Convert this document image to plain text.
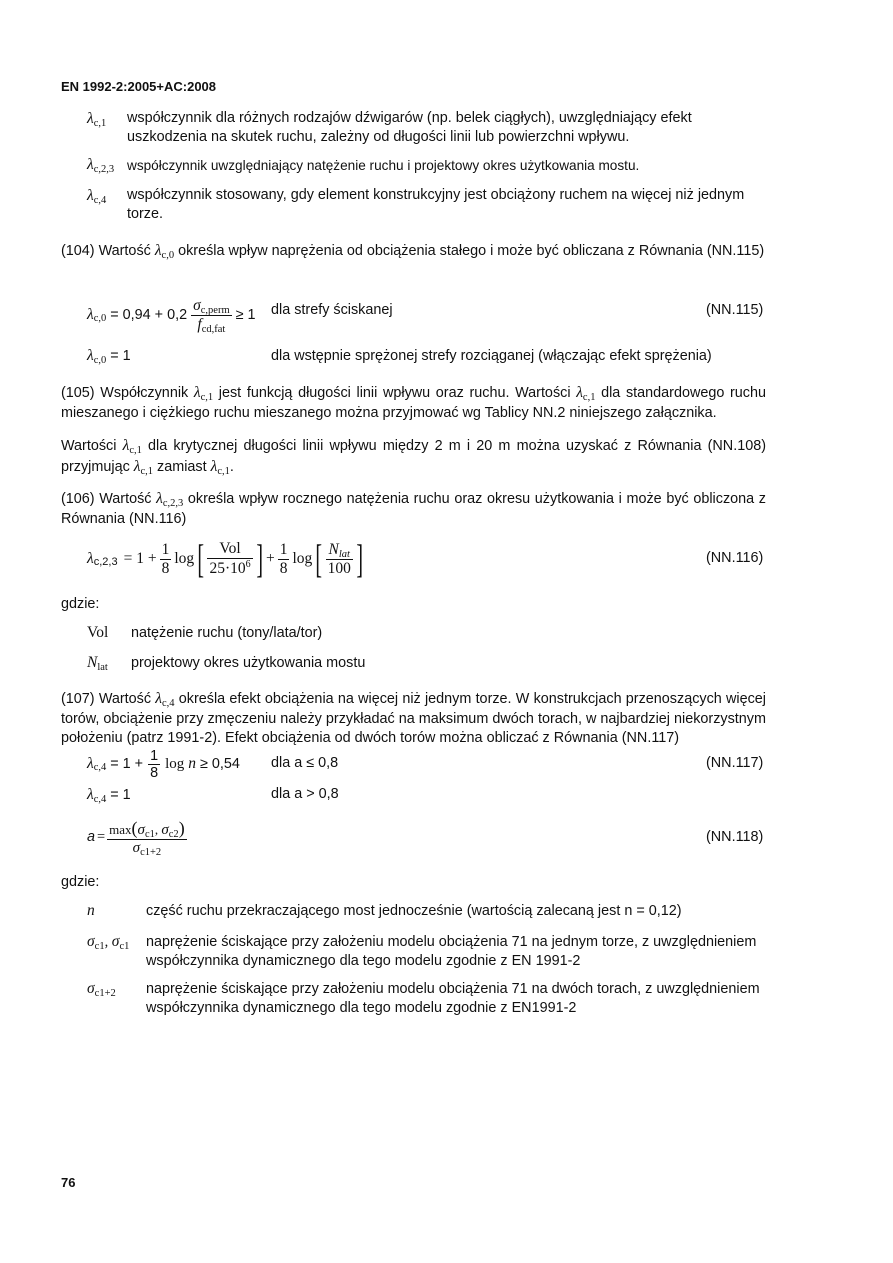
EN 1992-2:2005+AC:2008
$\lambda_{c,1}$ współczynnik dla różnych rodzajów dźwigarów (np. belek ciągłych), uwzględniający efekt uszkodzenia na skutek ruchu, zależny od długości linii lub powierzchni wpływu.
$\lambda_{c,2,3}$ współczynnik uwzględniający natężenie ruchu i projektowy okres użytkowania mostu.
$\lambda_{c,4}$ współczynnik stosowany, gdy element konstrukcyjny jest obciążony ruchem na więcej niż jednym torze.
(104) Wartość $\lambda_{c,0}$ określa wpływ naprężenia od obciążenia stałego i może być obliczana z Równania (NN.115)
λ $c,0 = 0,94 + 0,2 \frac{\sigma_{c,perm}}{f_{cd,fat}} \ge 1$ dla strefy ściskanej	(NN.115)
$\lambda_{c,0} = 1$	dla wstępnie sprężonej strefy rozciąganej (włączając efekt sprężenia)
(105) Współczynnik $\lambda_{c,1}$ jest funkcją długości linii wpływu oraz ruchu. Wartości $\lambda_{c,1}$ dla standardowego ruchu mieszanego i ciężkiego ruchu mieszanego można przyjmować wg Tablicy NN.2 niniejszego załącznika.
Wartości $\lambda_{c,1}$ dla krytycznej długości linii wpływu między 2 m i 20 m można uzyskać z Równania (NN.108) przyjmując $\lambda_{c,1}$ zamiast $\lambda_{c,1}$.
(106) Wartość $\lambda_{c,2,3}$ określa wpływ rocznego natężenia ruchu oraz okresu użytkowania i może być obliczona z Równania (NN.116)
λ $c,2,3 = 1 + \frac{1}{8}$ log [ $\frac{\text{Vol}}{25\cdot 10^6}$ ] + $\frac{1}{8}$ log [ $\frac{\text{Nlat}}{100}$ ]	(NN.116)
gdzie:
Vol natężenie ruchu (tony/lata/tor)
$N_{lat}$ projektowy okres użytkowania mostu
(107) Wartość $\lambda_{c,4}$ określa efekt obciążenia na więcej niż jednym torze. W konstrukcjach przenoszących więcej torów, obciążenie przy zmęczeniu należy przykładać na maksimum dwóch torach, w najbardziej niekorzystnym położeniu (patrz 1991-2). Efekt obciążenia od dwóch torów można obliczać z Równania (NN.117)
λ $c,4 = 1 + \frac{1}{8}$ log n ≥ 0,54 dla a ≤ 0,8	(NN.117)
$\lambda_{c,4} = 1$	dla a > 0,8
$a = \frac{\max(\sigma_{c1}, \sigma_{c2})}{\sigma_{c1+2}}$	(NN.118)
gdzie:
n	część ruchu przekraczającego most jednocześnie (wartością zalecaną jest n = 0,12)
$\sigma_{c1}$, $\sigma_{c1}$ naprężenie ściskające przy założeniu modelu obciążenia 71 na jednym torze, z uwzględnieniem współczynnika dynamicznego dla tego modelu zgodnie z EN 1991-2
$\sigma_{c1+2}$ naprężenie ściskające przy założeniu modelu obciążenia 71 na dwóch torach, z uwzględnieniem współczynnika dynamicznego dla tego modelu zgodnie z EN1991-2
76
